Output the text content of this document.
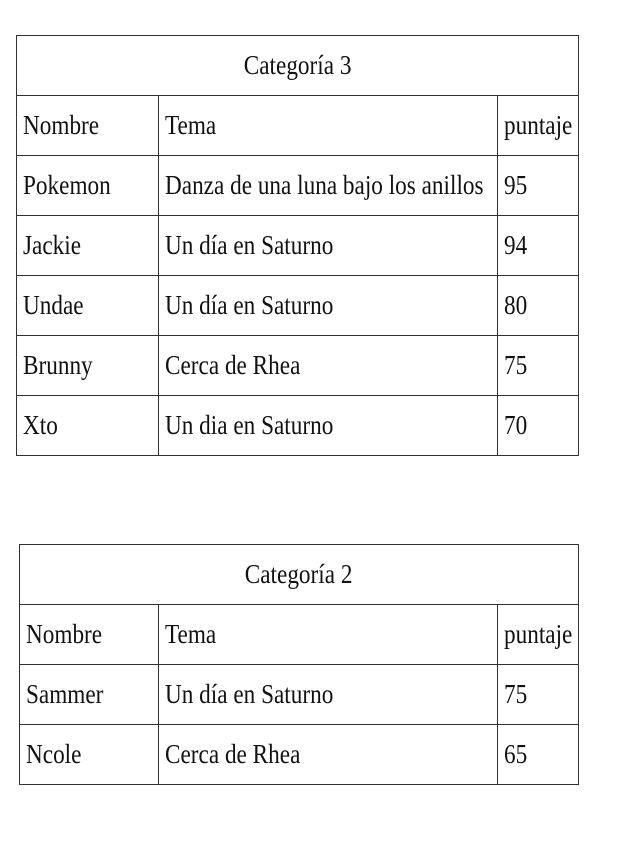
Categoría 3		
Nombre	Tema	puntaje
Pokemon	Danza de una luna bajo los anillos	95
Jackie	Un día en Saturno	94
Undae	Un día en Saturno	80
Brunny	Cerca de Rhea	75
Xto	Un dia en Saturno	70
Categoría 2		
Nombre	Tema	puntaje
Sammer	Un día en Saturno	75
Ncole	Cerca de Rhea	65
